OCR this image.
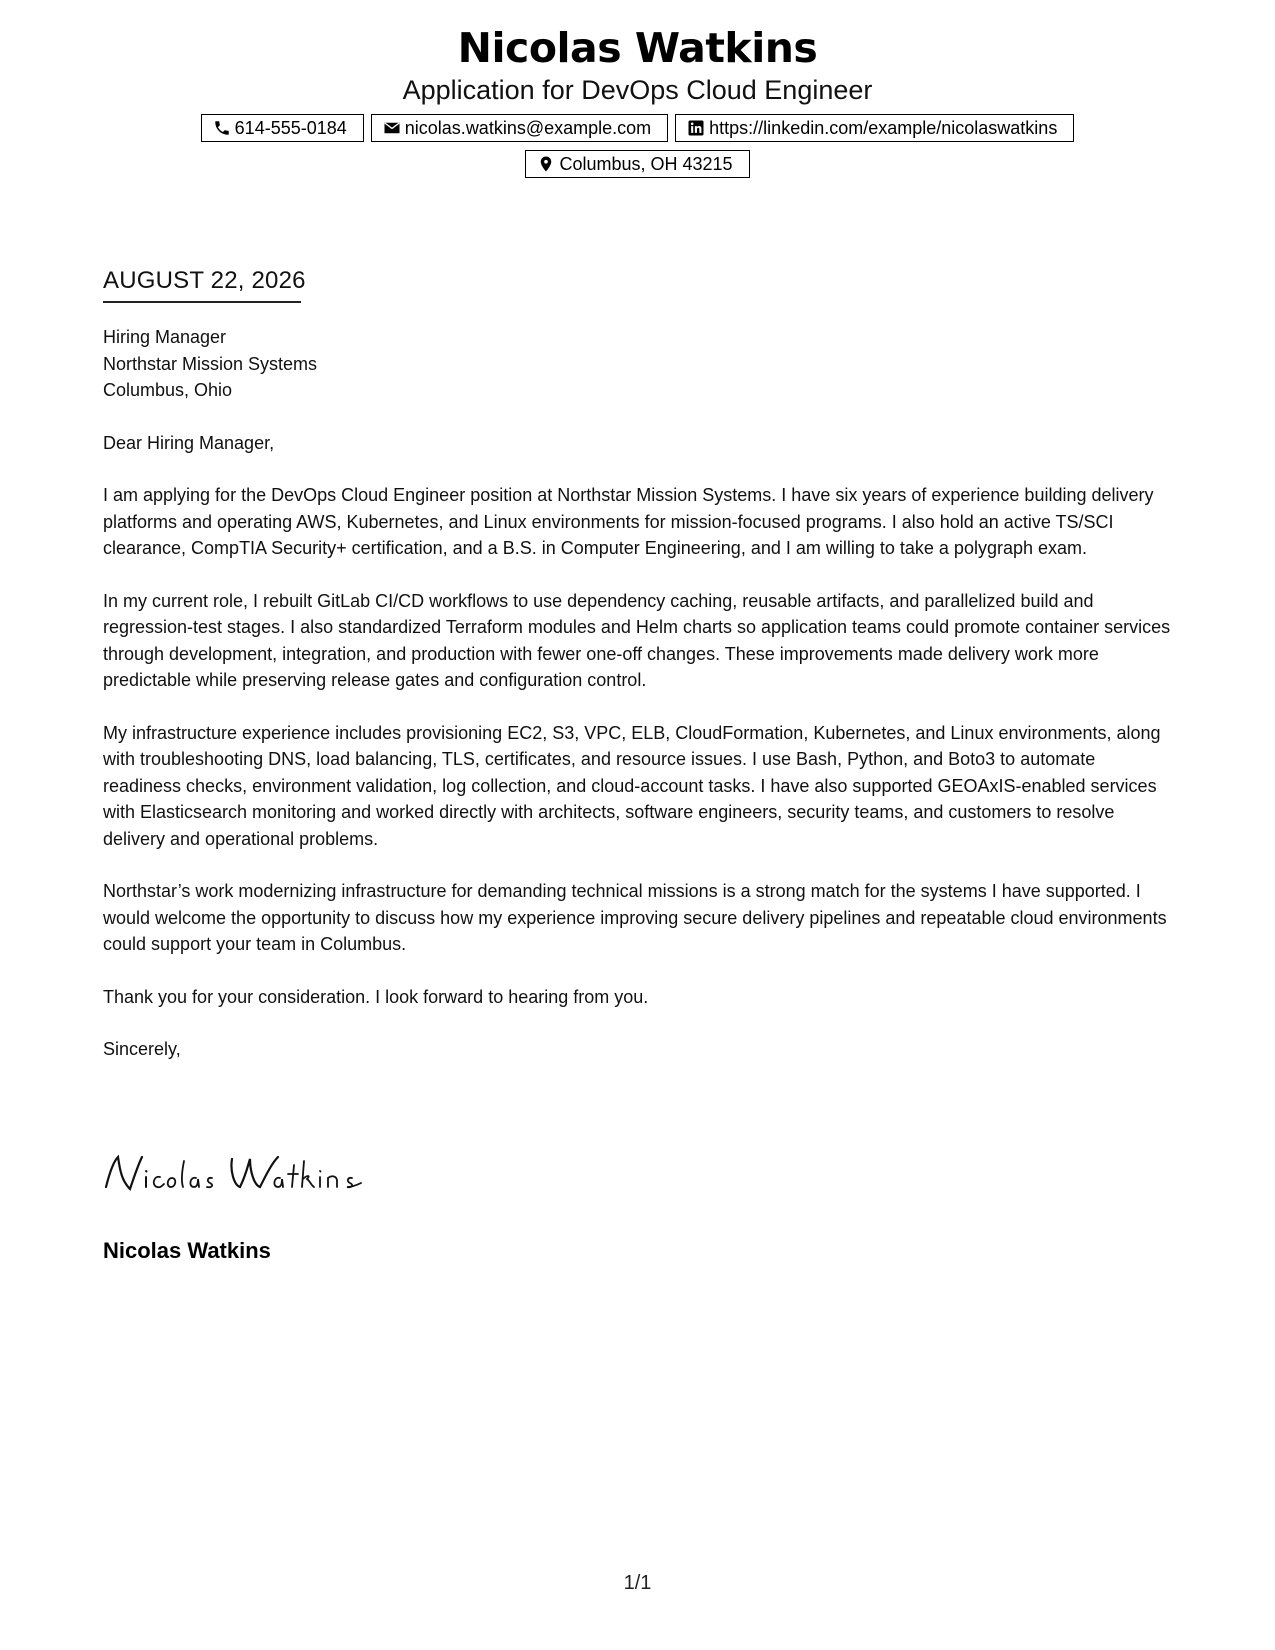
Nicolas Watkins
Application for DevOps Cloud Engineer
614-555-0184	nicolas.watkins@example.com	https://linkedin.com/example/nicolaswatkins
Columbus, OH 43215
AUGUST 22, 2026

Hiring Manager

Northstar Mission Systems

Columbus, Ohio

Dear Hiring Manager,

I am applying for the DevOps Cloud Engineer position at Northstar Mission Systems. I have six years of experience building delivery platforms and operating AWS, Kubernetes, and Linux environments for mission-focused programs. I also hold an active TS/SCI clearance, CompTIA Security+ certification, and a B.S. in Computer Engineering, and I am willing to take a polygraph exam.

In my current role, I rebuilt GitLab CI/CD workflows to use dependency caching, reusable artifacts, and parallelized build and regression-test stages. I also standardized Terraform modules and Helm charts so application teams could promote container services through development, integration, and production with fewer one-off changes. These improvements made delivery work more predictable while preserving release gates and configuration control.

My infrastructure experience includes provisioning EC2, S3, VPC, ELB, CloudFormation, Kubernetes, and Linux environments, along with troubleshooting DNS, load balancing, TLS, certificates, and resource issues. I use Bash, Python, and Boto3 to automate readiness checks, environment validation, log collection, and cloud-account tasks. I have also supported GEOAxIS-enabled services with Elasticsearch monitoring and worked directly with architects, software engineers, security teams, and customers to resolve delivery and operational problems.

Northstar’s work modernizing infrastructure for demanding technical missions is a strong match for the systems I have supported. I would welcome the opportunity to discuss how my experience improving secure delivery pipelines and repeatable cloud environments could support your team in Columbus.

Thank you for your consideration. I look forward to hearing from you.

Sincerely,

Nicolas Watkins
1/1
